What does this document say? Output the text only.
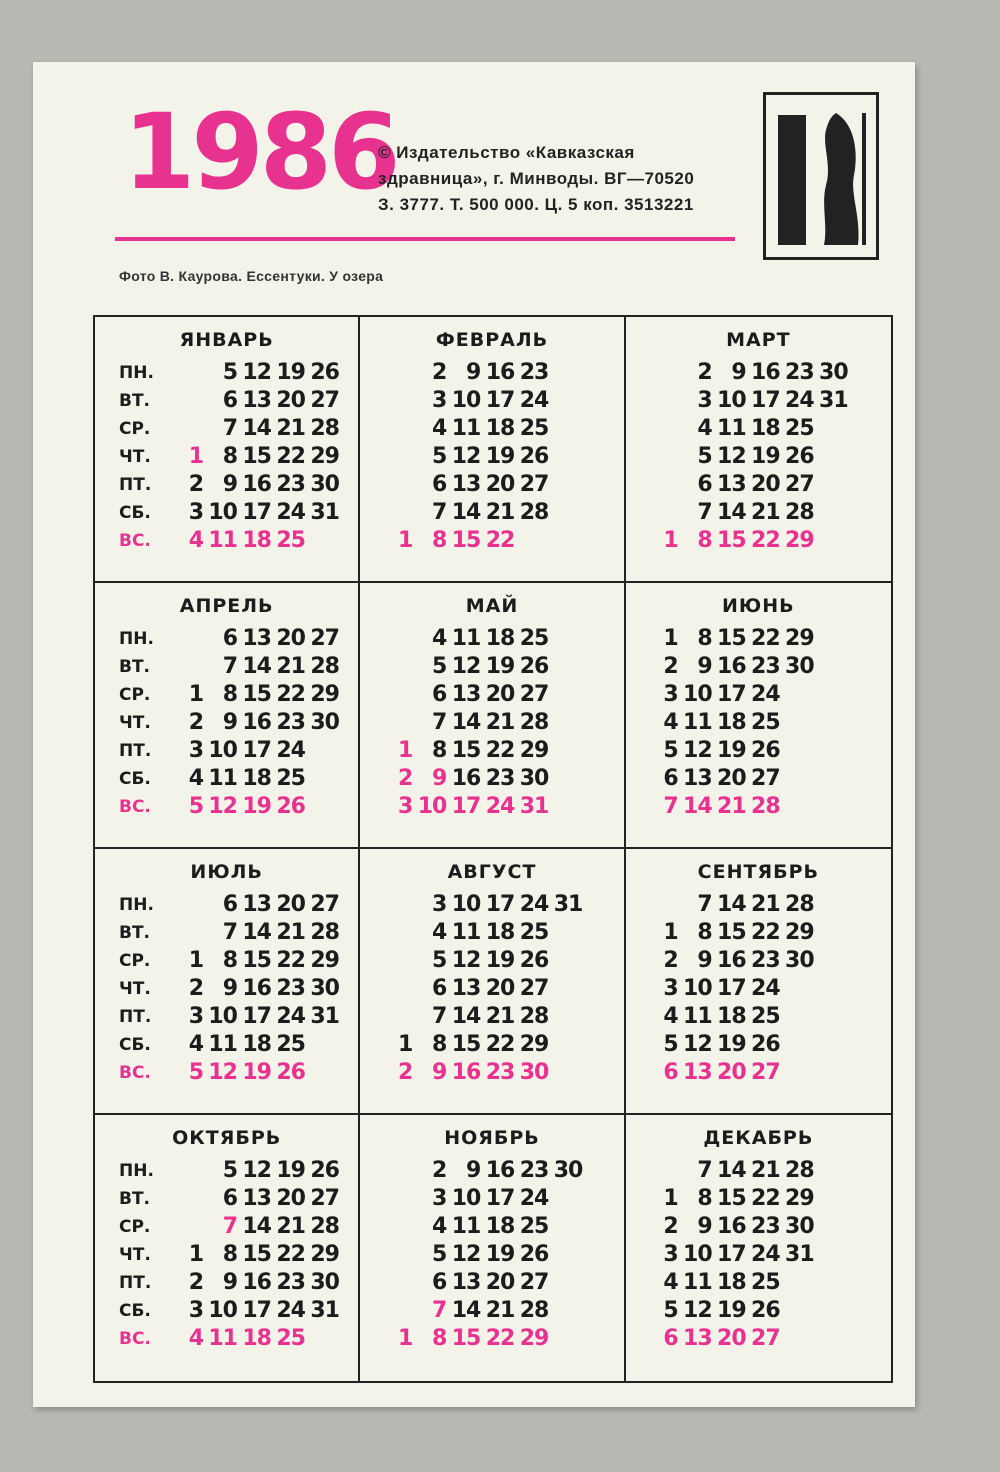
1986
© Издательство «Кавказская
здравница», г. Минводы. ВГ—70520
З. 3777. Т. 500 000. Ц. 5 коп. 3513221
Фото В. Каурова. Ессентуки. У озера
ЯНВАРЬ
ПН.
ВТ.
СР.
ЧТ.
ПТ.
СБ.
ВС.
1
2
3
4
5
6
7
8
9
10
11
12
13
14
15
16
17
18
19
20
21
22
23
24
25
26
27
28
29
30
31
ФЕВРАЛЬ
1
2
3
4
5
6
7
8
9
10
11
12
13
14
15
16
17
18
19
20
21
22
23
24
25
26
27
28
МАРТ
1
2
3
4
5
6
7
8
9
10
11
12
13
14
15
16
17
18
19
20
21
22
23
24
25
26
27
28
29
30
31
АПРЕЛЬ
ПН.
ВТ.
СР.
ЧТ.
ПТ.
СБ.
ВС.
1
2
3
4
5
6
7
8
9
10
11
12
13
14
15
16
17
18
19
20
21
22
23
24
25
26
27
28
29
30
МАЙ
1
2
3
4
5
6
7
8
9
10
11
12
13
14
15
16
17
18
19
20
21
22
23
24
25
26
27
28
29
30
31
ИЮНЬ
1
2
3
4
5
6
7
8
9
10
11
12
13
14
15
16
17
18
19
20
21
22
23
24
25
26
27
28
29
30
ИЮЛЬ
ПН.
ВТ.
СР.
ЧТ.
ПТ.
СБ.
ВС.
1
2
3
4
5
6
7
8
9
10
11
12
13
14
15
16
17
18
19
20
21
22
23
24
25
26
27
28
29
30
31
АВГУСТ
1
2
3
4
5
6
7
8
9
10
11
12
13
14
15
16
17
18
19
20
21
22
23
24
25
26
27
28
29
30
31
СЕНТЯБРЬ
1
2
3
4
5
6
7
8
9
10
11
12
13
14
15
16
17
18
19
20
21
22
23
24
25
26
27
28
29
30
ОКТЯБРЬ
ПН.
ВТ.
СР.
ЧТ.
ПТ.
СБ.
ВС.
1
2
3
4
5
6
7
8
9
10
11
12
13
14
15
16
17
18
19
20
21
22
23
24
25
26
27
28
29
30
31
НОЯБРЬ
1
2
3
4
5
6
7
8
9
10
11
12
13
14
15
16
17
18
19
20
21
22
23
24
25
26
27
28
29
30
ДЕКАБРЬ
1
2
3
4
5
6
7
8
9
10
11
12
13
14
15
16
17
18
19
20
21
22
23
24
25
26
27
28
29
30
31
